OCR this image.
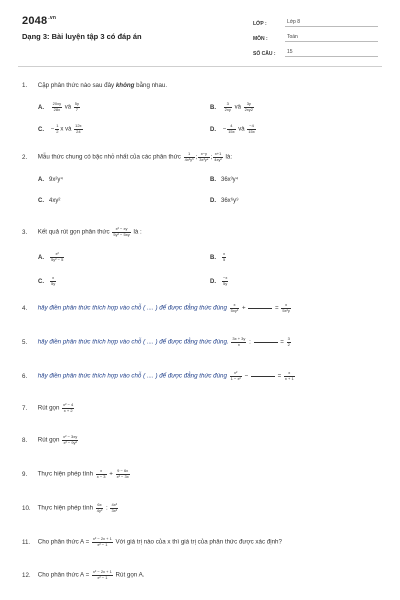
$2048^{.vn}$
Dạng 3: Bài luyện tập 3 có đáp án
LỚP :	Lớp 8
MÔN :	Toán
SỐ CÂU :	15
1. Cặp phân thức nào sau đây không bằng nhau.
A. $\frac{20xy}{28x}$ và $\frac{5y}{7}$	B. $\frac{3}{2xy}$ và $\frac{3y}{2xy2}$
C. − $\frac{1}{2}$ x và $\frac{12x}{24}$	D. − $\frac{4}{15x}$ và $\frac{-4}{15x}$
2. Mẫu thức chung có bậc nhỏ nhất của các phân thức $\frac{1}{\text{4x²y³}}$ ; $\frac{x-y}{\text{3x³y⁴}}$ ; $\frac{x+1}{\text{4xy²}}$ là:
A. 9x²y⁴	B. 36x³y⁴
C. 4xy²	D. 36x⁶y⁹
3. Kết quả rút gọn phân thức $\frac{\text{x² − xy}}{\text{5y² − 5xy}}$ là :
A. $\frac{\text{x²}}{\text{5y² − 5}}$	B. $\frac{x}{5}$
C. $\frac{x}{5y}$	D. $\frac{-x}{5y}$
4. hãy điền phân thức thích hợp vào chỗ ( .... ) để được đẳng thức đúng $\frac{x}{\text{5xy²}}$ +	= $\frac{x}{\text{5x²y}}$
5. hãy điền phân thức thích hợp vào chỗ ( .... ) để được đẳng thức đúng. $\frac{3x + 3y}{x}$ :	= $\frac{3}{2}$
6. hãy điền phân thức thích hợp vào chỗ ( .... ) để được đẳng thức đúng $\frac{\text{x²}}{\text{1 − x²}}$ −	= $\frac{x}{x + 1}$
7. Rút gọn $\frac{\text{x² − 4}}{x + 2}$
8. Rút gọn $\frac{\text{x² − 3xy}}{\text{x² − 9y²}}$
9. Thực hiện phép tính $\frac{x}{x - 3} + \frac{9 - 6x}{\text{x² − 3x}}$
10. Thực hiện phép tính $\frac{6x}{\text{4y²}}$ : $\frac{\text{4x²}}{\text{3x²}}$
11. Cho phân thức $A = \frac{\text{x² − 2x + 1}}{\text{x² − 1}}$ Với giá trị nào của x thì giá trị của phân thức được xác định?
12. Cho phân thức $A = \frac{\text{x² − 2x + 1}}{\text{x² − 1}}$ Rút gọn A.
